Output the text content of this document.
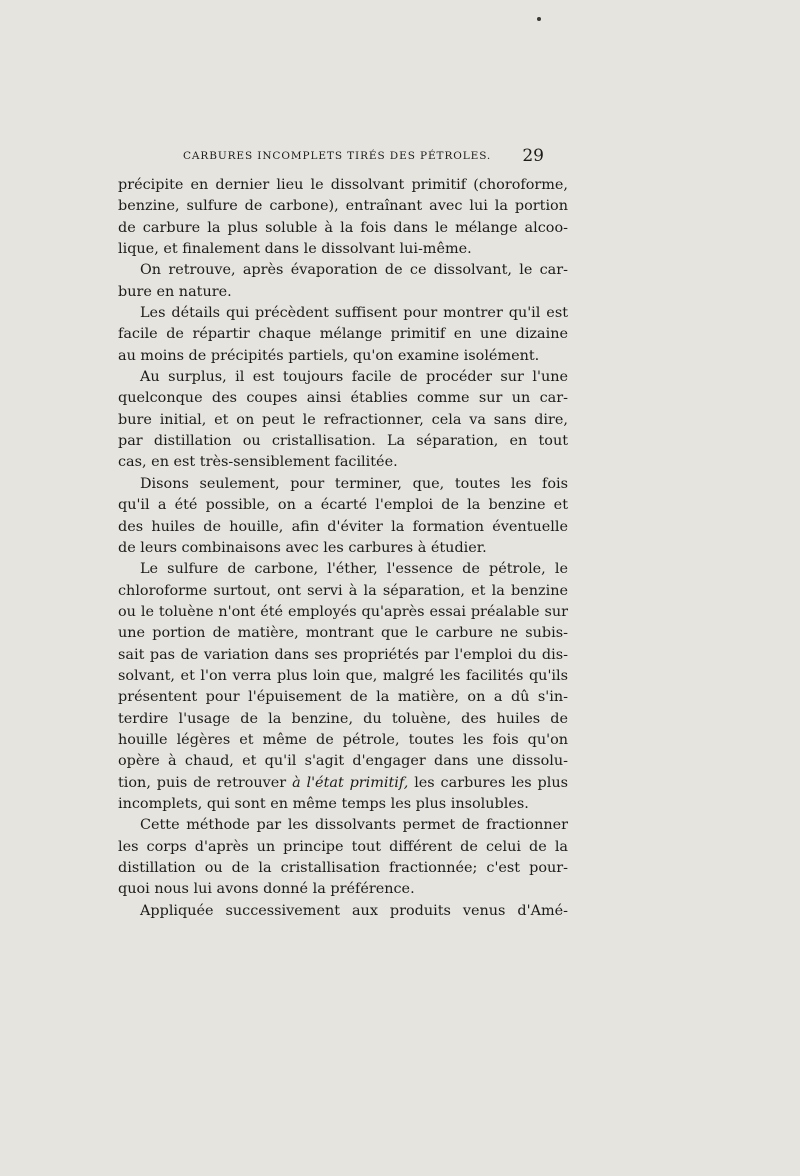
CARBURES INCOMPLETS TIRÉS DES PÉTROLES. 29
précipite en dernier lieu le dissolvant primitif (choroforme,
benzine, sulfure de carbone), entraînant avec lui la portion
de carbure la plus soluble à la fois dans le mélange alcoo-
lique, et finalement dans le dissolvant lui-même.
On retrouve, après évaporation de ce dissolvant, le car-
bure en nature.
Les détails qui précèdent suffisent pour montrer qu'il est
facile de répartir chaque mélange primitif en une dizaine
au moins de précipités partiels, qu'on examine isolément.
Au surplus, il est toujours facile de procéder sur l'une
quelconque des coupes ainsi établies comme sur un car-
bure initial, et on peut le refractionner, cela va sans dire,
par distillation ou cristallisation. La séparation, en tout
cas, en est très-sensiblement facilitée.
Disons seulement, pour terminer, que, toutes les fois
qu'il a été possible, on a écarté l'emploi de la benzine et
des huiles de houille, afin d'éviter la formation éventuelle
de leurs combinaisons avec les carbures à étudier.
Le sulfure de carbone, l'éther, l'essence de pétrole, le
chloroforme surtout, ont servi à la séparation, et la benzine
ou le toluène n'ont été employés qu'après essai préalable sur
une portion de matière, montrant que le carbure ne subis-
sait pas de variation dans ses propriétés par l'emploi du dis-
solvant, et l'on verra plus loin que, malgré les facilités qu'ils
présentent pour l'épuisement de la matière, on a dû s'in-
terdire l'usage de la benzine, du toluène, des huiles de
houille légères et même de pétrole, toutes les fois qu'on
opère à chaud, et qu'il s'agit d'engager dans une dissolu-
tion, puis de retrouver à l'état primitif, les carbures les plus
incomplets, qui sont en même temps les plus insolubles.
Cette méthode par les dissolvants permet de fractionner
les corps d'après un principe tout différent de celui de la
distillation ou de la cristallisation fractionnée; c'est pour-
quoi nous lui avons donné la préférence.
Appliquée successivement aux produits venus d'Amé-
